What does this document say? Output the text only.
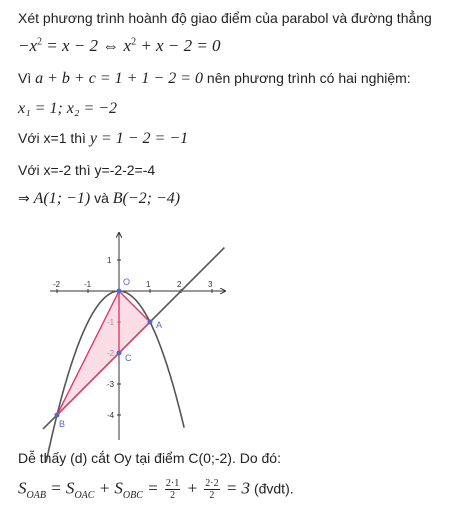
Xét phương trình hoành độ giao điểm của parabol và đường thẳng
$-x^2 = x - 2$ ⇔ $x^2 + x - 2 = 0$
Vì a + b + c = 1 + 1 − 2 = 0 nên phương trình có hai nghiệm:
x₁ = 1; x₂ = −2
Với x=1 thì y = 1 − 2 = −1
Với x=-2 thì y=-2-2=-4
⇒ A(1; −1) và B(−2; −4)
-2	-1	1	2	3
1
-3
-4
O
A
B
C
Dễ thấy (d) cắt Oy tại điểm C(0;-2). Do đó:
$S_{OAB} = S_{OAC} + S_{OBC} = \frac{2\cdot 1}{2} + \frac{2\cdot 2}{2} = 3$ (đvdt).
